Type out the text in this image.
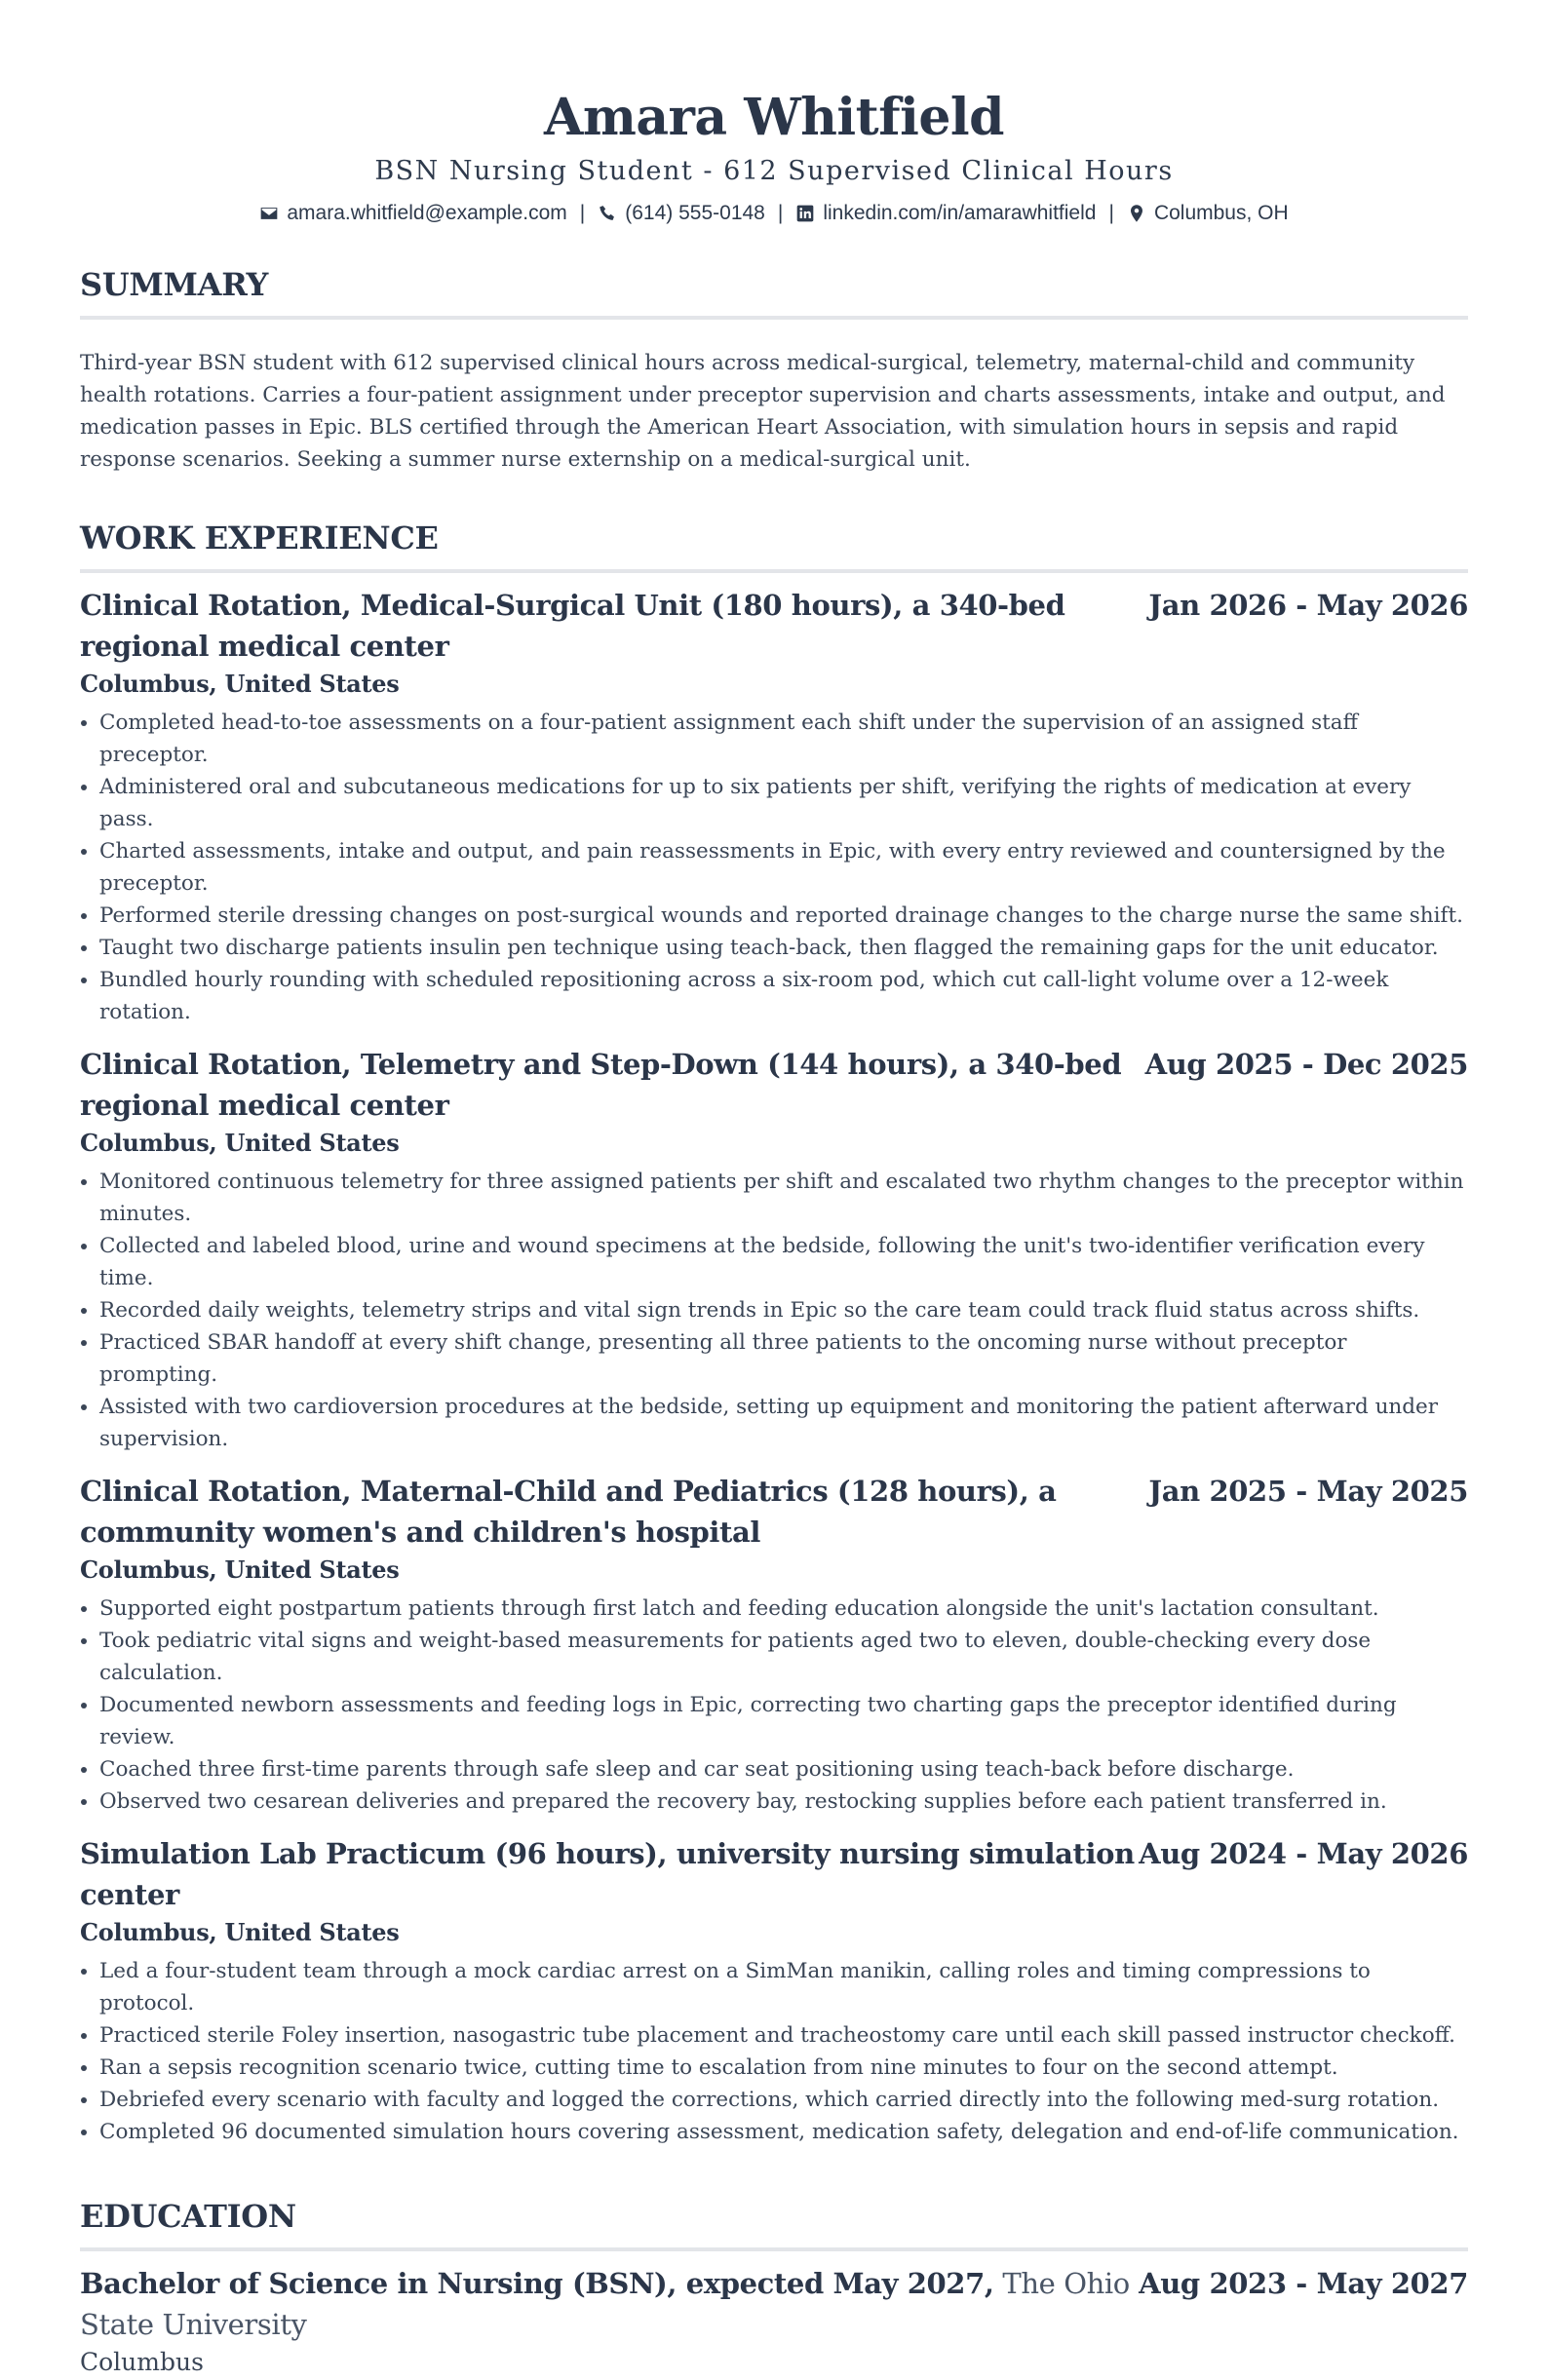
Amara Whitfield
BSN Nursing Student - 612 Supervised Clinical Hours
amara.whitfield@example.com | (614) 555-0148 | linkedin.com/in/amarawhitfield | Columbus, OH
SUMMARY
Third-year BSN student with 612 supervised clinical hours across medical-surgical, telemetry, maternal-child and community health rotations. Carries a four-patient assignment under preceptor supervision and charts assessments, intake and output, and medication passes in Epic. BLS certified through the American Heart Association, with simulation hours in sepsis and rapid response scenarios. Seeking a summer nurse externship on a medical-surgical unit.
WORK EXPERIENCE
Clinical Rotation, Medical-Surgical Unit (180 hours), a 340-bed regional medical center
Jan 2026 - May 2026
Columbus, United States
• Completed head-to-toe assessments on a four-patient assignment each shift under the supervision of an assigned staff preceptor.
• Administered oral and subcutaneous medications for up to six patients per shift, verifying the rights of medication at every pass.
• Charted assessments, intake and output, and pain reassessments in Epic, with every entry reviewed and countersigned by the preceptor.
• Performed sterile dressing changes on post-surgical wounds and reported drainage changes to the charge nurse the same shift.
• Taught two discharge patients insulin pen technique using teach-back, then flagged the remaining gaps for the unit educator.
• Bundled hourly rounding with scheduled repositioning across a six-room pod, which cut call-light volume over a 12-week rotation.
Clinical Rotation, Telemetry and Step-Down (144 hours), a 340-bed regional medical center
Aug 2025 - Dec 2025
Columbus, United States
• Monitored continuous telemetry for three assigned patients per shift and escalated two rhythm changes to the preceptor within minutes.
• Collected and labeled blood, urine and wound specimens at the bedside, following the unit's two-identifier verification every time.
• Recorded daily weights, telemetry strips and vital sign trends in Epic so the care team could track fluid status across shifts.
• Practiced SBAR handoff at every shift change, presenting all three patients to the oncoming nurse without preceptor prompting.
• Assisted with two cardioversion procedures at the bedside, setting up equipment and monitoring the patient afterward under supervision.
Clinical Rotation, Maternal-Child and Pediatrics (128 hours), a community women's and children's hospital
Jan 2025 - May 2025
Columbus, United States
• Supported eight postpartum patients through first latch and feeding education alongside the unit's lactation consultant.
• Took pediatric vital signs and weight-based measurements for patients aged two to eleven, double-checking every dose calculation.
• Documented newborn assessments and feeding logs in Epic, correcting two charting gaps the preceptor identified during review.
• Coached three first-time parents through safe sleep and car seat positioning using teach-back before discharge.
• Observed two cesarean deliveries and prepared the recovery bay, restocking supplies before each patient transferred in.
Simulation Lab Practicum (96 hours), university nursing simulation center
Aug 2024 - May 2026
Columbus, United States
• Led a four-student team through a mock cardiac arrest on a SimMan manikin, calling roles and timing compressions to protocol.
• Practiced sterile Foley insertion, nasogastric tube placement and tracheostomy care until each skill passed instructor checkoff.
• Ran a sepsis recognition scenario twice, cutting time to escalation from nine minutes to four on the second attempt.
• Debriefed every scenario with faculty and logged the corrections, which carried directly into the following med-surg rotation.
• Completed 96 documented simulation hours covering assessment, medication safety, delegation and end-of-life communication.
EDUCATION
Bachelor of Science in Nursing (BSN), expected May 2027, The Ohio State University
Aug 2023 - May 2027
Columbus
